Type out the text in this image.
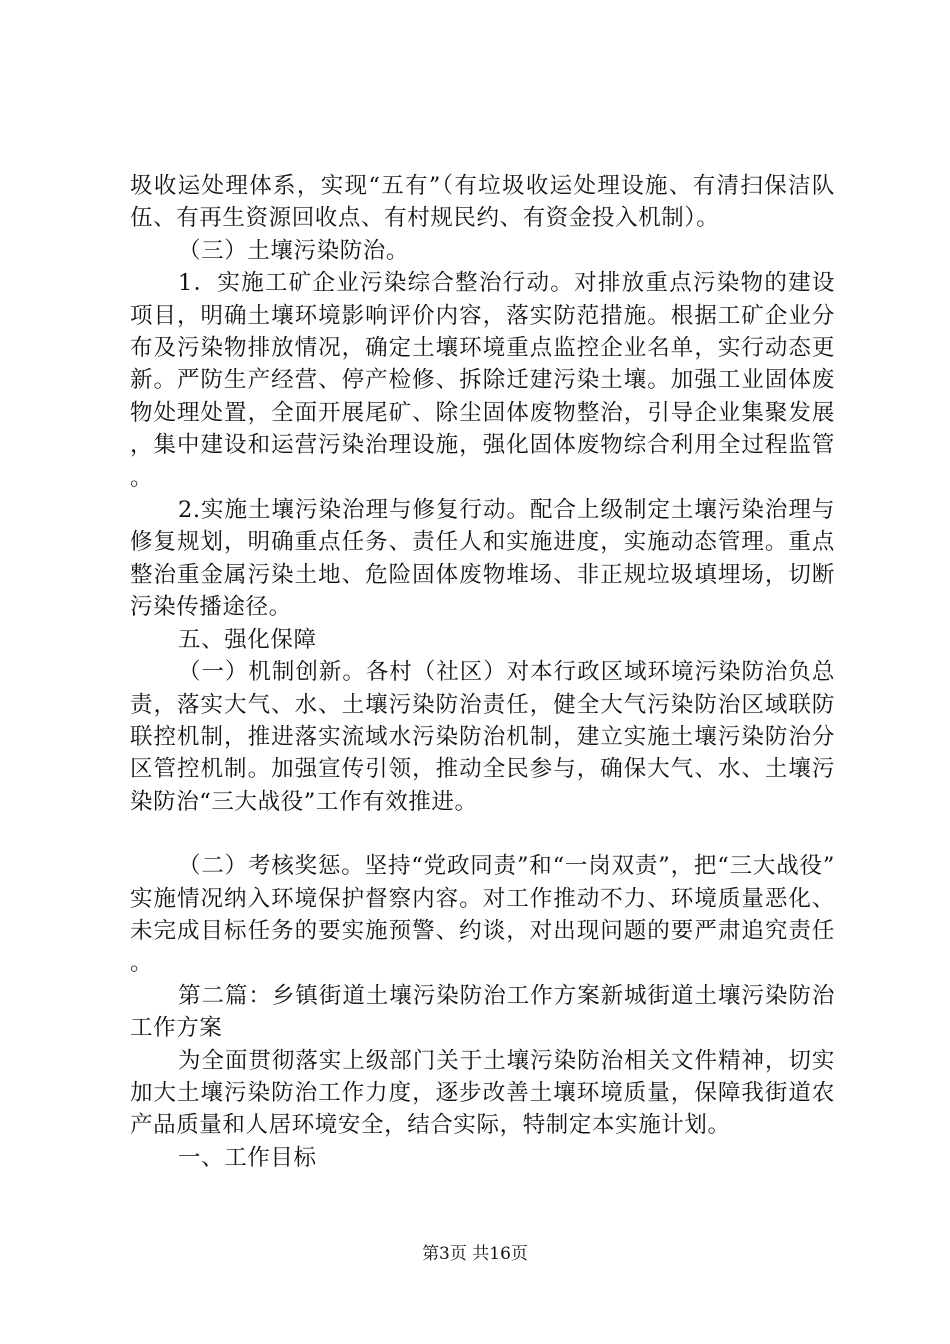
圾收运处理体系，实现“五有”（有垃圾收运处理设施、有清扫保洁队伍、有再生资源回收点、有村规民约、有资金投入机制）。

（三）土壤污染防治。

1．实施工矿企业污染综合整治行动。对排放重点污染物的建设项目，明确土壤环境影响评价内容，落实防范措施。根据工矿企业分布及污染物排放情况，确定土壤环境重点监控企业名单，实行动态更新。严防生产经营、停产检修、拆除迁建污染土壤。加强工业固体废物处理处置，全面开展尾矿、除尘固体废物整治，引导企业集聚发展，集中建设和运营污染治理设施，强化固体废物综合利用全过程监管。

2.实施土壤污染治理与修复行动。配合上级制定土壤污染治理与修复规划，明确重点任务、责任人和实施进度，实施动态管理。重点整治重金属污染土地、危险固体废物堆场、非正规垃圾填埋场，切断污染传播途径。

五、强化保障

（一）机制创新。各村（社区）对本行政区域环境污染防治负总责，落实大气、水、土壤污染防治责任，健全大气污染防治区域联防联控机制，推进落实流域水污染防治机制，建立实施土壤污染防治分区管控机制。加强宣传引领，推动全民参与，确保大气、水、土壤污染防治“三大战役”工作有效推进。

（二）考核奖惩。坚持“党政同责”和“一岗双责”，把“三大战役”实施情况纳入环境保护督察内容。对工作推动不力、环境质量恶化、未完成目标任务的要实施预警、约谈，对出现问题的要严肃追究责任。

第二篇：乡镇街道土壤污染防治工作方案新城街道土壤污染防治工作方案

为全面贯彻落实上级部门关于土壤污染防治相关文件精神，切实加大土壤污染防治工作力度，逐步改善土壤环境质量，保障我街道农产品质量和人居环境安全，结合实际，特制定本实施计划。

一、工作目标

第3页 共16页
